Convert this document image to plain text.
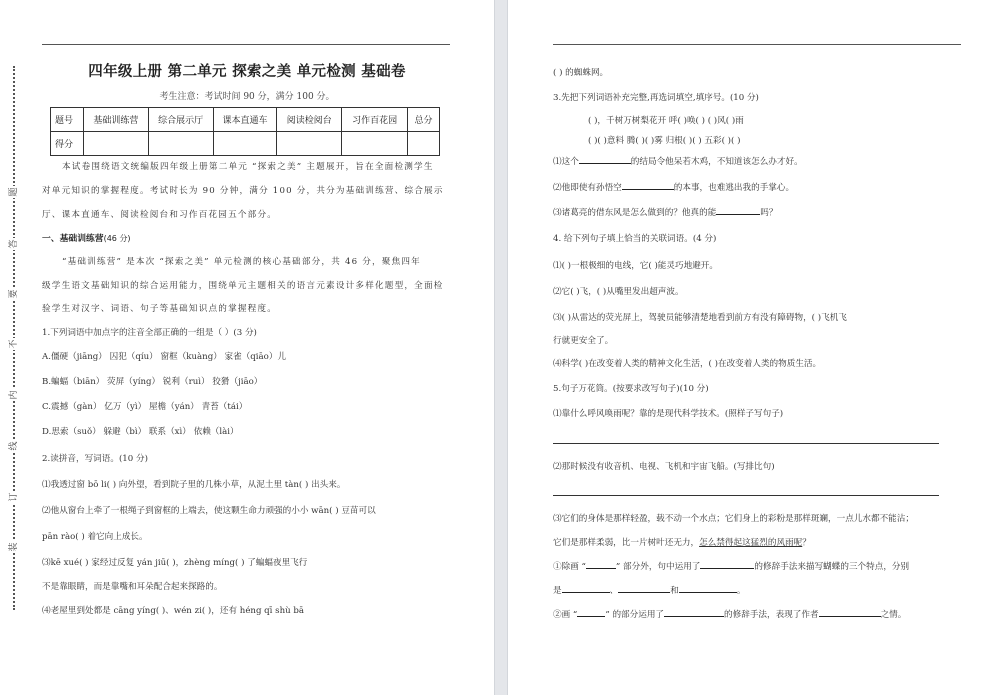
题
答
要
不
内
线
订
装
四年级上册 第二单元 探索之美 单元检测 基础卷
考生注意：考试时间 90 分，满分 100 分。
题号	基础训练营	综合展示厅	课本直通车	阅读检阅台	习作百花园	总分
得分						
本试卷围绕语文统编版四年级上册第二单元 “探索之美” 主题展开，旨在全面检测学生
对单元知识的掌握程度。考试时长为 90 分钟，满分 100 分，共分为基础训练营、综合展示
厅、课本直通车、阅读检阅台和习作百花园五个部分。
一、基础训练营(46 分)
“基础训练营” 是本次 “探索之美” 单元检测的核心基础部分，共 46 分，聚焦四年
级学生语文基础知识的综合运用能力，围绕单元主题相关的语言元素设计多样化题型，全面检
验学生对汉字、词语、句子等基础知识点的掌握程度。
1.下列词语中加点字的注音全部正确的一组是（ ）(3 分)
A.僵硬（jiāng） 囚犯（qíu） 窗框（kuàng） 家雀（qiāo）儿
B.蝙蝠（biān） 荧屏（yíng） 锐利（ruì） 狡猾（jiāo）
C.震撼（gàn） 亿万（yì） 屋檐（yán） 青苔（tái）
D.思索（suǒ） 躲避（bì） 联系（xì） 依赖（lài）
2.读拼音，写词语。(10 分)
⑴我透过窗 bō li( ) 向外望，看到院子里的几株小草，从泥土里 tàn( ) 出头来。
⑵他从窗台上牵了一根绳子到窗框的上端去，使这颗生命力顽强的小小 wān( ) 豆苗可以
pān rào( ) 着它向上成长。
⑶kē xué( ) 家经过反复 yán jiū( )，zhèng míng( ) 了蝙蝠夜里飞行
不是靠眼睛，而是靠嘴和耳朵配合起来探路的。
⑷老屋里到处都是 cāng yíng( )、wén zi( )，还有 héng qī shù bā
( ) 的蜘蛛网。
3.先把下列词语补充完整,再选词填空,填序号。(10 分)
( )，千树万树梨花开 呼( )唤( ) ( )风( )雨
( )( )意料 腾( )( )雾 归根( )( ) 五彩( )( )
⑴这个	的结局令他呆若木鸡，不知道该怎么办才好。
⑵他即使有孙悟空	的本事，也难逃出我的手掌心。
⑶诸葛亮的借东风是怎么做到的？他真的能	吗？
4. 给下列句子填上恰当的关联词语。(4 分)
⑴( )一根极细的电线，它( )能灵巧地避开。
⑵它( )飞，( )从嘴里发出超声波。
⑶( )从雷达的荧光屏上，驾驶员能够清楚地看到前方有没有障碍物，( )飞机飞
行就更安全了。
⑷科学( )在改变着人类的精神文化生活，( )在改变着人类的物质生活。
5.句子万花筒。(按要求改写句子)(10 分)
⑴靠什么呼风唤雨呢？靠的是现代科学技术。(照样子写句子)
⑵那时候没有收音机、电视、飞机和宇宙飞船。(写排比句)
⑶它们的身体是那样轻盈，载不动一个水点；它们身上的彩粉是那样斑斓，一点儿水都不能沾；
它们是那样柔弱，比一片树叶还无力，怎么禁得起这猛烈的风雨呢？
①除画 “	” 部分外，句中运用了	的修辞手法来描写蝴蝶的三个特点，分别
是	、	和	。
②画 “	” 的部分运用了	的修辞手法，表现了作者	之情。
